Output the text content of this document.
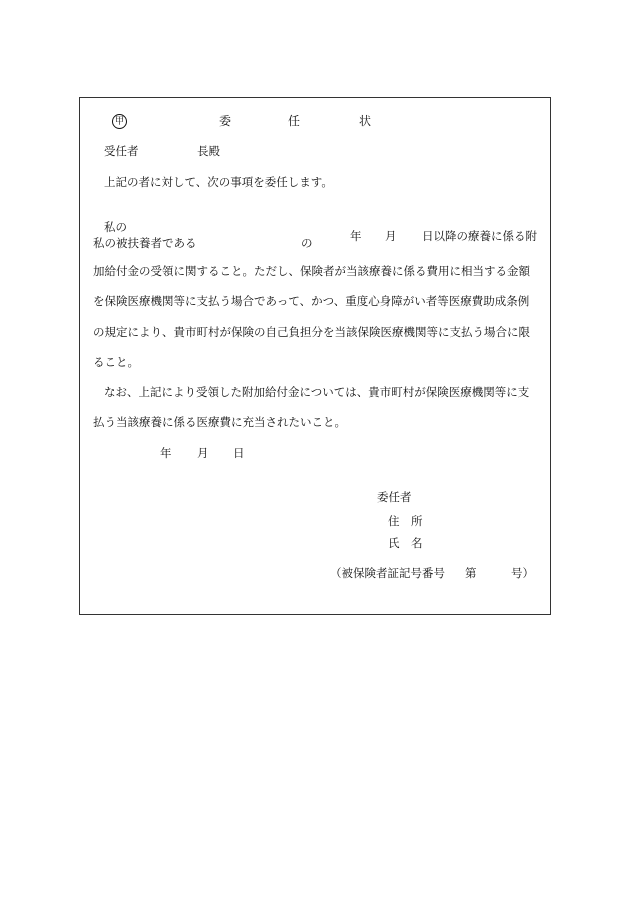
甲	委	任	状
受任者	長殿
上記の者に対して、次の事項を委任します。
私の
私の被扶養者である	の	年 月 日以降の療養に係る附
加給付金の受領に関すること。ただし、保険者が当該療養に係る費用に相当する金額
を保険医療機関等に支払う場合であって、かつ、重度心身障がい者等医療費助成条例
の規定により、貴市町村が保険の自己負担分を当該保険医療機関等に支払う場合に限
ること。
なお、上記により受領した附加給付金については、貴市町村が保険医療機関等に支
払う当該療養に係る医療費に充当されたいこと。
年 月 日
委任者
住　所
氏　名
（被保険者証記号番号 第	号）
